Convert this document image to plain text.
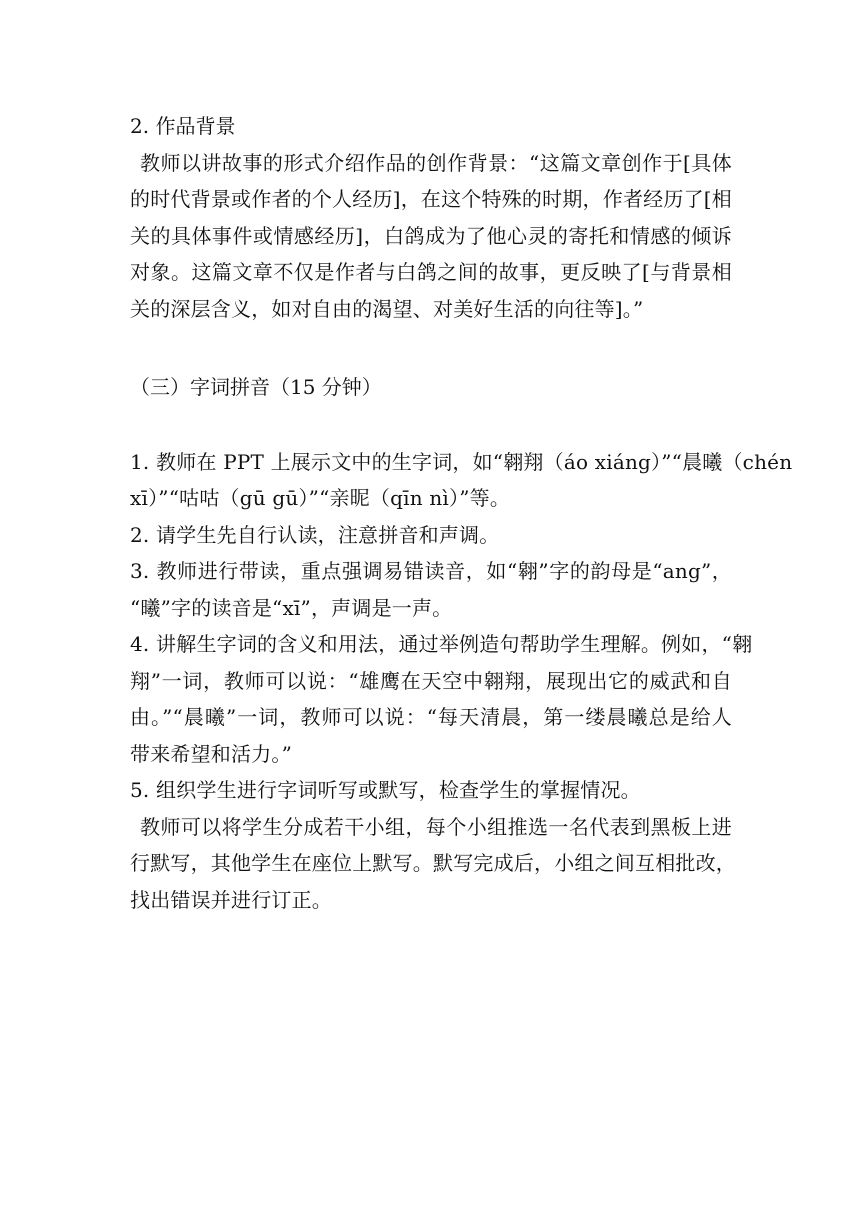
2. 作品背景
教师以讲故事的形式介绍作品的创作背景：“这篇文章创作于[具体
的时代背景或作者的个人经历]，在这个特殊的时期，作者经历了[相
关的具体事件或情感经历]，白鸽成为了他心灵的寄托和情感的倾诉
对象。这篇文章不仅是作者与白鸽之间的故事，更反映了[与背景相
关的深层含义，如对自由的渴望、对美好生活的向往等]。”
（三）字词拼音（15 分钟）
1. 教师在 PPT 上展示文中的生字词，如“翱翔（áo xiáng）”“晨曦（chén
xī）”“咕咕（gū gū）”“亲昵（qīn nì）”等。
2. 请学生先自行认读，注意拼音和声调。
3. 教师进行带读，重点强调易错读音，如“翱”字的韵母是“ang”，
“曦”字的读音是“xī”，声调是一声。
4. 讲解生字词的含义和用法，通过举例造句帮助学生理解。例如，“翱
翔”一词，教师可以说：“雄鹰在天空中翱翔，展现出它的威武和自
由。”“晨曦”一词，教师可以说：“每天清晨，第一缕晨曦总是给人
带来希望和活力。”
5. 组织学生进行字词听写或默写，检查学生的掌握情况。
教师可以将学生分成若干小组，每个小组推选一名代表到黑板上进
行默写，其他学生在座位上默写。默写完成后，小组之间互相批改，
找出错误并进行订正。
